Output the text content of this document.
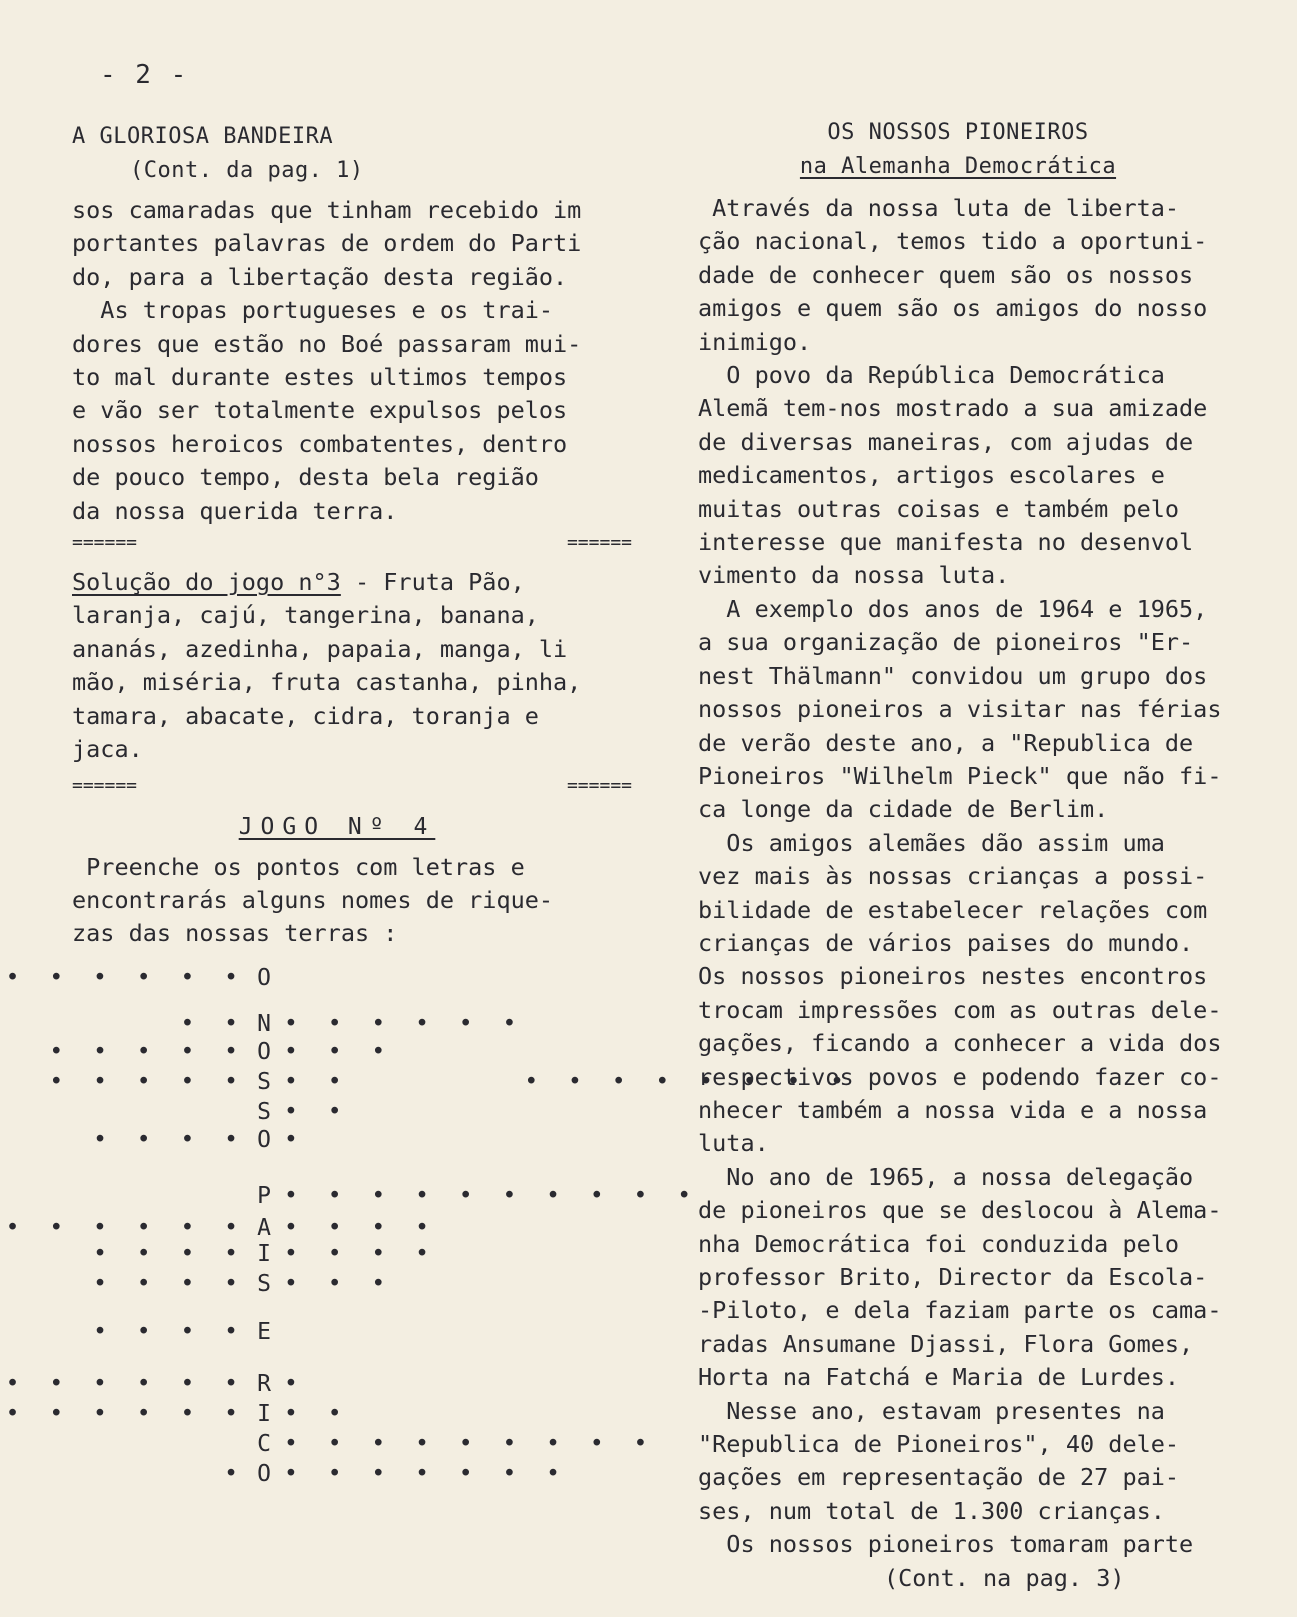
- 2 -
A GLORIOSA BANDEIRA
(Cont. da pag. 1)
sos camaradas que tinham recebido im
portantes palavras de ordem do Parti
do, para a libertação desta região.
As tropas portugueses e os trai-
dores que estão no Boé passaram mui-
to mal durante estes ultimos tempos
e vão ser totalmente expulsos pelos
nossos heroicos combatentes, dentro
de pouco tempo, desta bela região
da nossa querida terra.
======	======
Solução do jogo n°3 - Fruta Pão,
laranja, cajú, tangerina, banana,
ananás, azedinha, papaia, manga, li
mão, miséria, fruta castanha, pinha,
tamara, abacate, cidra, toranja e
jaca.
======	======
JOGO Nº 4
Preenche os pontos com letras e
encontrarás alguns nomes de rique-
zas das nossas terras :
• • • • • • O
• • N • • • • • •
• • • • • O • • •
• • • • • S • •        • • • • • • • •
S • •
• • • • O •
P • • • • • • • • • •
• • • • • • A • • • •
• • • • I • • • •
• • • • S • • •
• • • • E
• • • • • • R •
• • • • • • I • •
C • • • • • • • • •
• O • • • • • • •
OS NOSSOS PIONEIROS
na Alemanha Democrática
Através da nossa luta de liberta-
ção nacional, temos tido a oportuni-
dade de conhecer quem são os nossos
amigos e quem são os amigos do nosso
inimigo.
O povo da República Democrática
Alemã tem-nos mostrado a sua amizade
de diversas maneiras, com ajudas de
medicamentos, artigos escolares e
muitas outras coisas e também pelo
interesse que manifesta no desenvol
vimento da nossa luta.
A exemplo dos anos de 1964 e 1965,
a sua organização de pioneiros "Er-
nest Thälmann" convidou um grupo dos
nossos pioneiros a visitar nas férias
de verão deste ano, a "Republica de
Pioneiros "Wilhelm Pieck" que não fi-
ca longe da cidade de Berlim.
Os amigos alemães dão assim uma
vez mais às nossas crianças a possi-
bilidade de estabelecer relações com
crianças de vários paises do mundo.
Os nossos pioneiros nestes encontros
trocam impressões com as outras dele-
gações, ficando a conhecer a vida dos
respectivos povos e podendo fazer co-
nhecer também a nossa vida e a nossa
luta.
No ano de 1965, a nossa delegação
de pioneiros que se deslocou à Alema-
nha Democrática foi conduzida pelo
professor Brito, Director da Escola-
-Piloto, e dela faziam parte os cama-
radas Ansumane Djassi, Flora Gomes,
Horta na Fatchá e Maria de Lurdes.
Nesse ano, estavam presentes na
"Republica de Pioneiros", 40 dele-
gações em representação de 27 pai-
ses, num total de 1.300 crianças.
Os nossos pioneiros tomaram parte
(Cont. na pag. 3)
